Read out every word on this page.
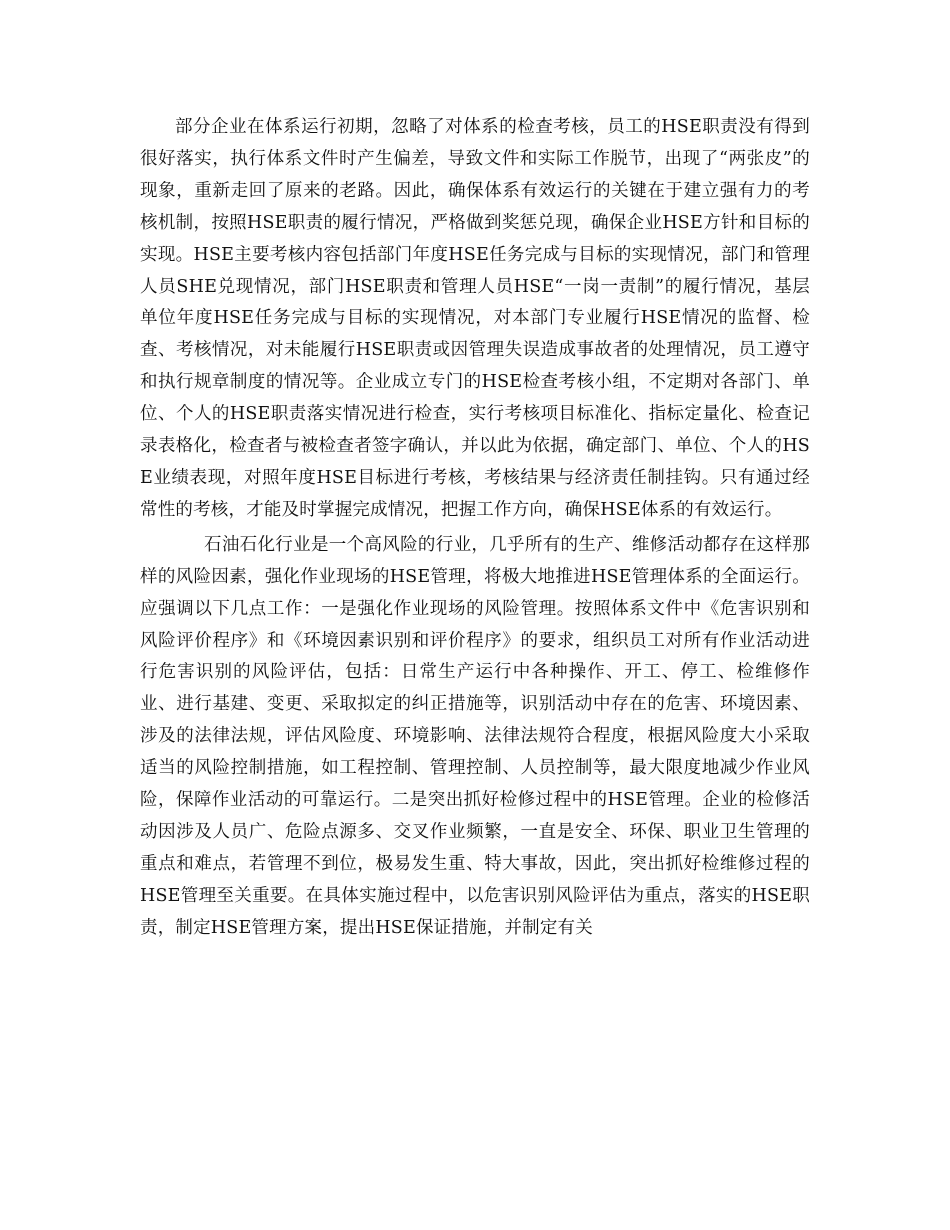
部分企业在体系运行初期，忽略了对体系的检查考核，员工的HSE职责没有得到很好落实，执行体系文件时产生偏差，导致文件和实际工作脱节，出现了“两张皮”的现象，重新走回了原来的老路。因此，确保体系有效运行的关键在于建立强有力的考核机制，按照HSE职责的履行情况，严格做到奖惩兑现，确保企业HSE方针和目标的实现。HSE主要考核内容包括部门年度HSE任务完成与目标的实现情况，部门和管理人员SHE兑现情况，部门HSE职责和管理人员HSE“一岗一责制”的履行情况，基层单位年度HSE任务完成与目标的实现情况，对本部门专业履行HSE情况的监督、检查、考核情况，对未能履行HSE职责或因管理失误造成事故者的处理情况，员工遵守和执行规章制度的情况等。企业成立专门的HSE检查考核小组，不定期对各部门、单位、个人的HSE职责落实情况进行检查，实行考核项目标准化、指标定量化、检查记录表格化，检查者与被检查者签字确认，并以此为依据，确定部门、单位、个人的HSE业绩表现，对照年度HSE目标进行考核，考核结果与经济责任制挂钩。只有通过经常性的考核，才能及时掌握完成情况，把握工作方向，确保HSE体系的有效运行。

石油石化行业是一个高风险的行业，几乎所有的生产、维修活动都存在这样那样的风险因素，强化作业现场的HSE管理，将极大地推进HSE管理体系的全面运行。应强调以下几点工作：一是强化作业现场的风险管理。按照体系文件中《危害识别和风险评价程序》和《环境因素识别和评价程序》的要求，组织员工对所有作业活动进行危害识别的风险评估，包括：日常生产运行中各种操作、开工、停工、检维修作业、进行基建、变更、采取拟定的纠正措施等，识别活动中存在的危害、环境因素、涉及的法律法规，评估风险度、环境影响、法律法规符合程度，根据风险度大小采取适当的风险控制措施，如工程控制、管理控制、人员控制等，最大限度地减少作业风险，保障作业活动的可靠运行。二是突出抓好检修过程中的HSE管理。企业的检修活动因涉及人员广、危险点源多、交叉作业频繁，一直是安全、环保、职业卫生管理的重点和难点，若管理不到位，极易发生重、特大事故，因此，突出抓好检维修过程的HSE管理至关重要。在具体实施过程中，以危害识别风险评估为重点，落实的HSE职责，制定HSE管理方案，提出HSE保证措施，并制定有关
